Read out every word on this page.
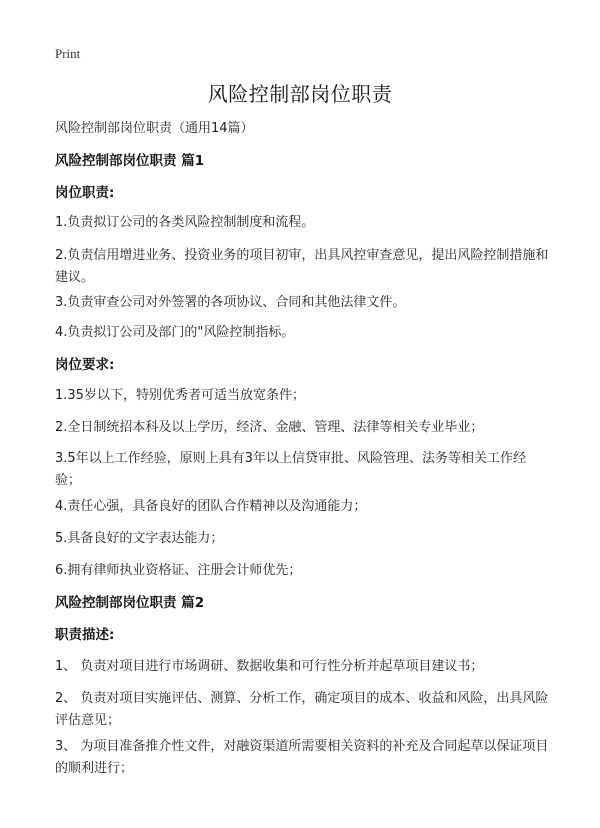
Print
风险控制部岗位职责
风险控制部岗位职责（通用14篇）
风险控制部岗位职责 篇1
岗位职责:
1.负责拟订公司的各类风险控制制度和流程。
2.负责信用增进业务、投资业务的项目初审，出具风控审查意见，提出风险控制措施和建议。
3.负责审查公司对外签署的各项协议、合同和其他法律文件。
4.负责拟订公司及部门的"风险控制指标。
岗位要求:
1.35岁以下，特别优秀者可适当放宽条件；
2.全日制统招本科及以上学历，经济、金融、管理、法律等相关专业毕业；
3.5年以上工作经验，原则上具有3年以上信贷审批、风险管理、法务等相关工作经验；
4.责任心强，具备良好的团队合作精神以及沟通能力；
5.具备良好的文字表达能力；
6.拥有律师执业资格证、注册会计师优先；
风险控制部岗位职责 篇2
职责描述:
1、 负责对项目进行市场调研、数据收集和可行性分析并起草项目建议书；
2、 负责对项目实施评估、测算、分析工作，确定项目的成本、收益和风险，出具风险评估意见；
3、 为项目准备推介性文件，对融资渠道所需要相关资料的补充及合同起草以保证项目的顺利进行；
